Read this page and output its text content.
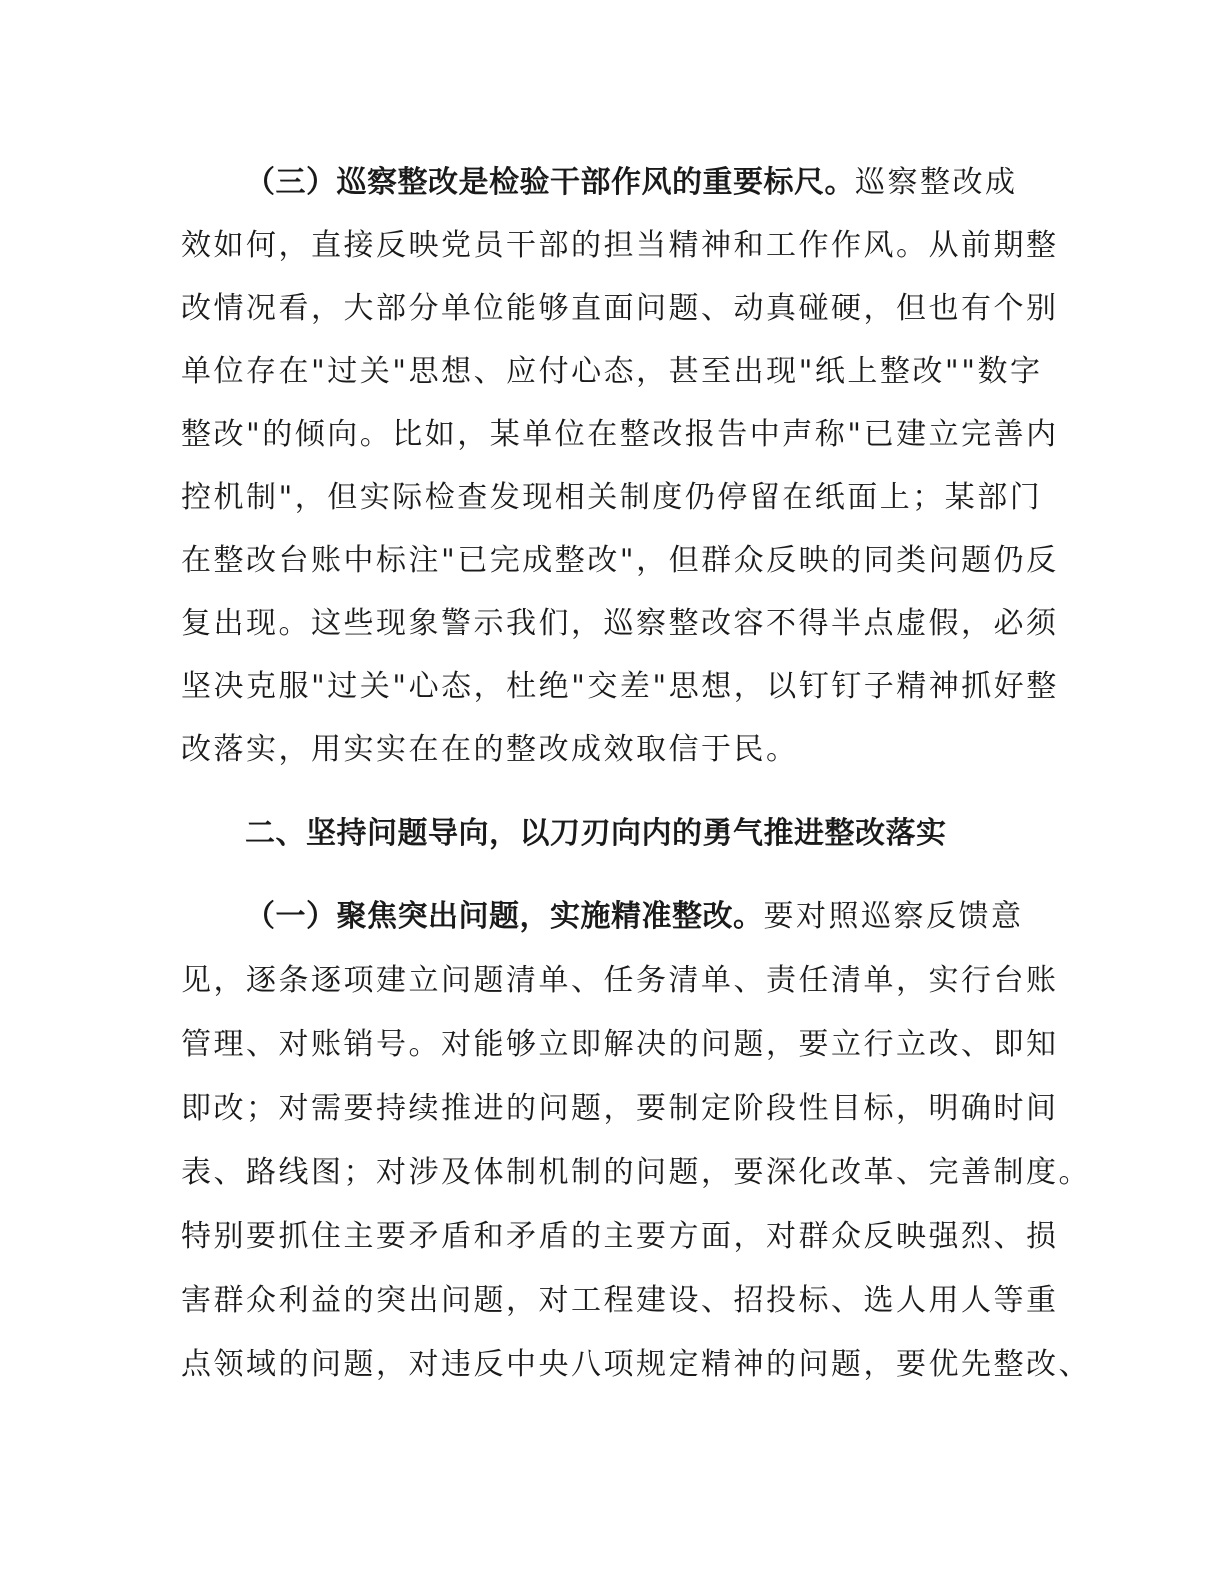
（三）巡察整改是检验干部作风的重要标尺。巡察整改成
效如何，直接反映党员干部的担当精神和工作作风。从前期整
改情况看，大部分单位能够直面问题、动真碰硬，但也有个别
单位存在"过关"思想、应付心态，甚至出现"纸上整改""数字
整改"的倾向。比如，某单位在整改报告中声称"已建立完善内
控机制"，但实际检查发现相关制度仍停留在纸面上；某部门
在整改台账中标注"已完成整改"，但群众反映的同类问题仍反
复出现。这些现象警示我们，巡察整改容不得半点虚假，必须
坚决克服"过关"心态，杜绝"交差"思想，以钉钉子精神抓好整
改落实，用实实在在的整改成效取信于民。
二、坚持问题导向，以刀刃向内的勇气推进整改落实
（一）聚焦突出问题，实施精准整改。要对照巡察反馈意
见，逐条逐项建立问题清单、任务清单、责任清单，实行台账
管理、对账销号。对能够立即解决的问题，要立行立改、即知
即改；对需要持续推进的问题，要制定阶段性目标，明确时间
表、路线图；对涉及体制机制的问题，要深化改革、完善制度。
特别要抓住主要矛盾和矛盾的主要方面，对群众反映强烈、损
害群众利益的突出问题，对工程建设、招投标、选人用人等重
点领域的问题，对违反中央八项规定精神的问题，要优先整改、
